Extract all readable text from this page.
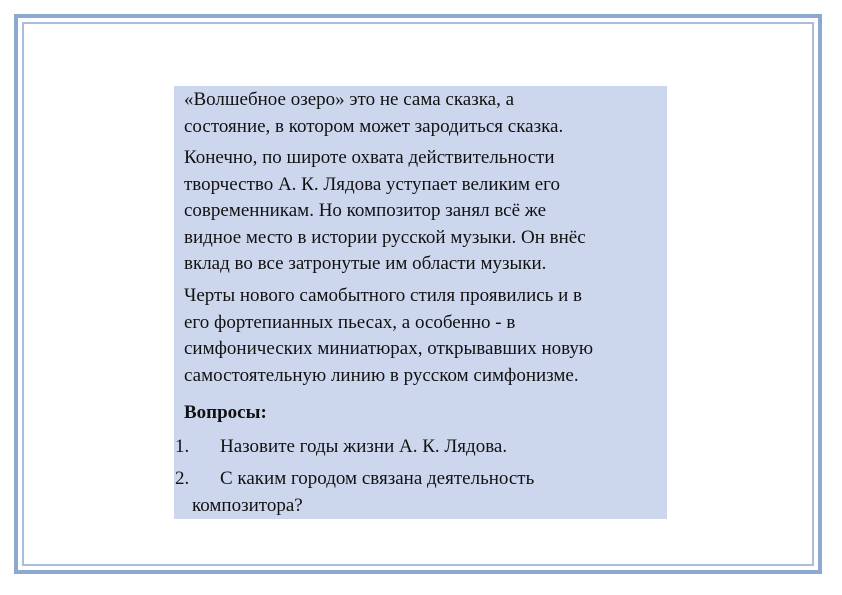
«Волшебное озеро» это не сама сказка, а
состояние, в котором может зародиться сказка.
Конечно, по широте охвата действительности
творчество А. К. Лядова уступает великим его
современникам. Но композитор занял всё же
видное место в истории русской музыки. Он внёс
вклад во все затронутые им области музыки.
Черты нового самобытного стиля проявились и в
его фортепианных пьесах, а особенно - в
симфонических миниатюрах, открывавших новую
самостоятельную линию в русском симфонизме.
Вопросы:
1. Назовите годы жизни А. К. Лядова.
2. С каким городом связана деятельность
композитора?
